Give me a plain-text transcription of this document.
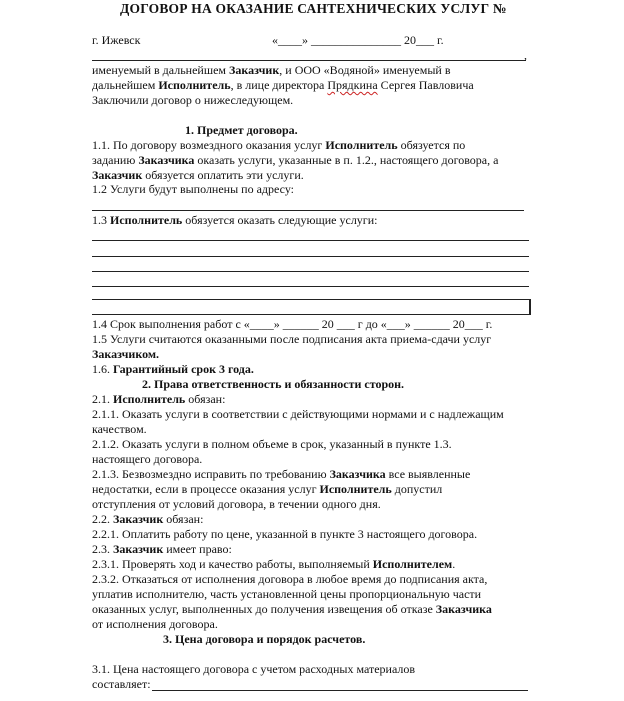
ДОГОВОР НА ОКАЗАНИЕ САНТЕХНИЧЕСКИХ УСЛУГ №
г. Ижевск	«____» _______________ 20___ г.
,
именуемый в дальнейшем Заказчик, и ООО «Водяной» именуемый в
дальнейшем Исполнитель, в лице директора Прядкина Сергея Павловича
Заключили договор о нижеследующем.
1. Предмет договора.
1.1. По договору возмездного оказания услуг Исполнитель обязуется по
заданию Заказчика оказать услуги, указанные в п. 1.2., настоящего договора, а
Заказчик обязуется оплатить эти услуги.
1.2 Услуги будут выполнены по адресу:
1.3 Исполнитель обязуется оказать следующие услуги:
1.4 Срок выполнения работ с «____» ______ 20 ___ г до «___» ______ 20___ г.
1.5 Услуги считаются оказанными после подписания акта приема-сдачи услуг
Заказчиком.
1.6. Гарантийный срок 3 года.
2. Права ответственность и обязанности сторон.
2.1. Исполнитель обязан:
2.1.1. Оказать услуги в соответствии с действующими нормами и с надлежащим
качеством.
2.1.2. Оказать услуги в полном объеме в срок, указанный в пункте 1.3.
настоящего договора.
2.1.3. Безвозмездно исправить по требованию Заказчика все выявленные
недостатки, если в процессе оказания услуг Исполнитель допустил
отступления от условий договора, в течении одного дня.
2.2. Заказчик обязан:
2.2.1. Оплатить работу по цене, указанной в пункте 3 настоящего договора.
2.3. Заказчик имеет право:
2.3.1. Проверять ход и качество работы, выполняемый Исполнителем.
2.3.2. Отказаться от исполнения договора в любое время до подписания акта,
уплатив исполнителю, часть установленной цены пропорциональную части
оказанных услуг, выполненных до получения извещения об отказе Заказчика
от исполнения договора.
3. Цена договора и порядок расчетов.
3.1. Цена настоящего договора с учетом расходных материалов
составляет:
